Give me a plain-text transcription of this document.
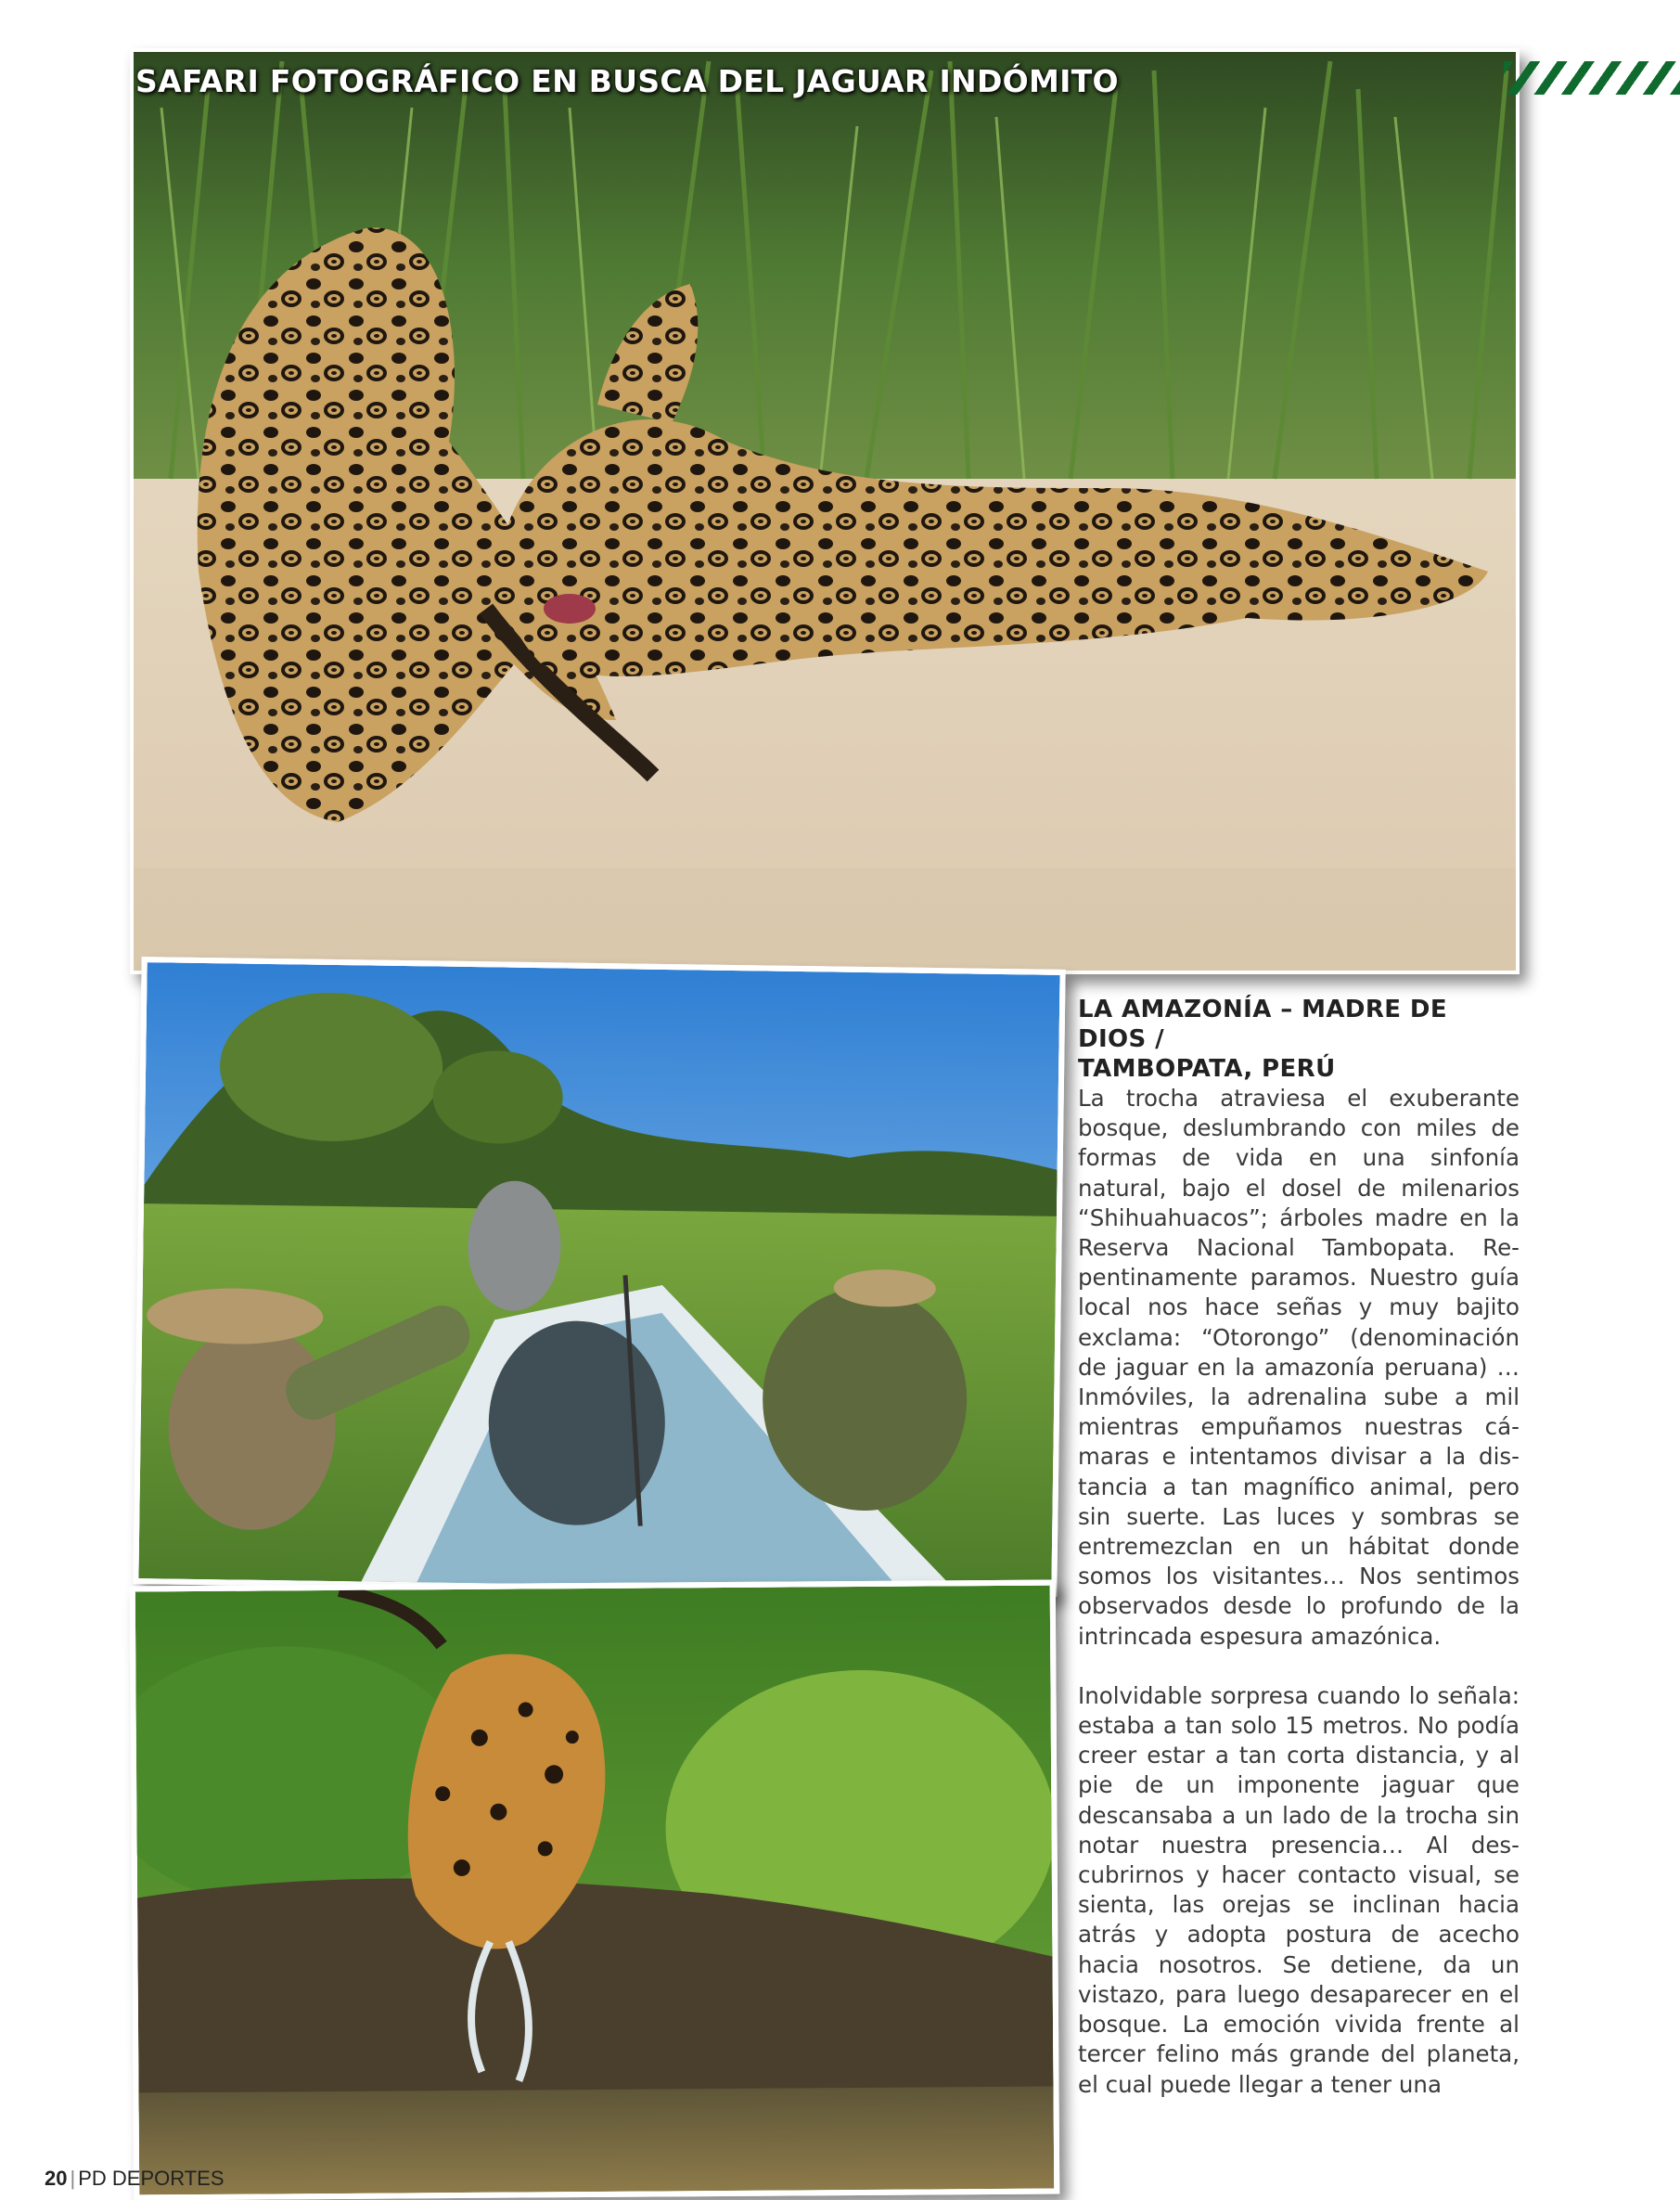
SAFARI FOTOGRÁFICO EN BUSCA DEL JAGUAR INDÓMITO
LA AMAZONÍA – MADRE DE DIOS /
TAMBOPATA, PERÚ

La trocha atraviesa el exuberante bosque, deslumbrando con miles de formas de vida en una sinfonía natural, bajo el dosel de milenarios “Shihuahuacos”; árboles madre en la Reserva Nacional Tambopata. Repentinamente paramos. Nuestro guía local nos hace señas y muy bajito exclama: “Otorongo” (denominación de jaguar en la amazonía peruana) … Inmóviles, la adrenalina sube a mil mientras empuñamos nuestras cámaras e intentamos divisar a la distancia a tan magnífico animal, pero sin suerte. Las luces y sombras se entremezclan en un hábitat donde somos los visitantes… Nos sentimos observados desde lo profundo de la intrincada espesura amazónica.

Inolvidable sorpresa cuando lo señala: estaba a tan solo 15 metros. No podía creer estar a tan corta distancia, y al pie de un imponente jaguar que descansaba a un lado de la trocha sin notar nuestra presencia… Al descubrirnos y hacer contacto visual, se sienta, las orejas se inclinan hacia atrás y adopta postura de acecho hacia nosotros. Se detiene, da un vistazo, para luego desaparecer en el bosque. La emoción vivida frente al tercer felino más grande del planeta, el cual puede llegar a tener una

20 | PD DEPORTES
